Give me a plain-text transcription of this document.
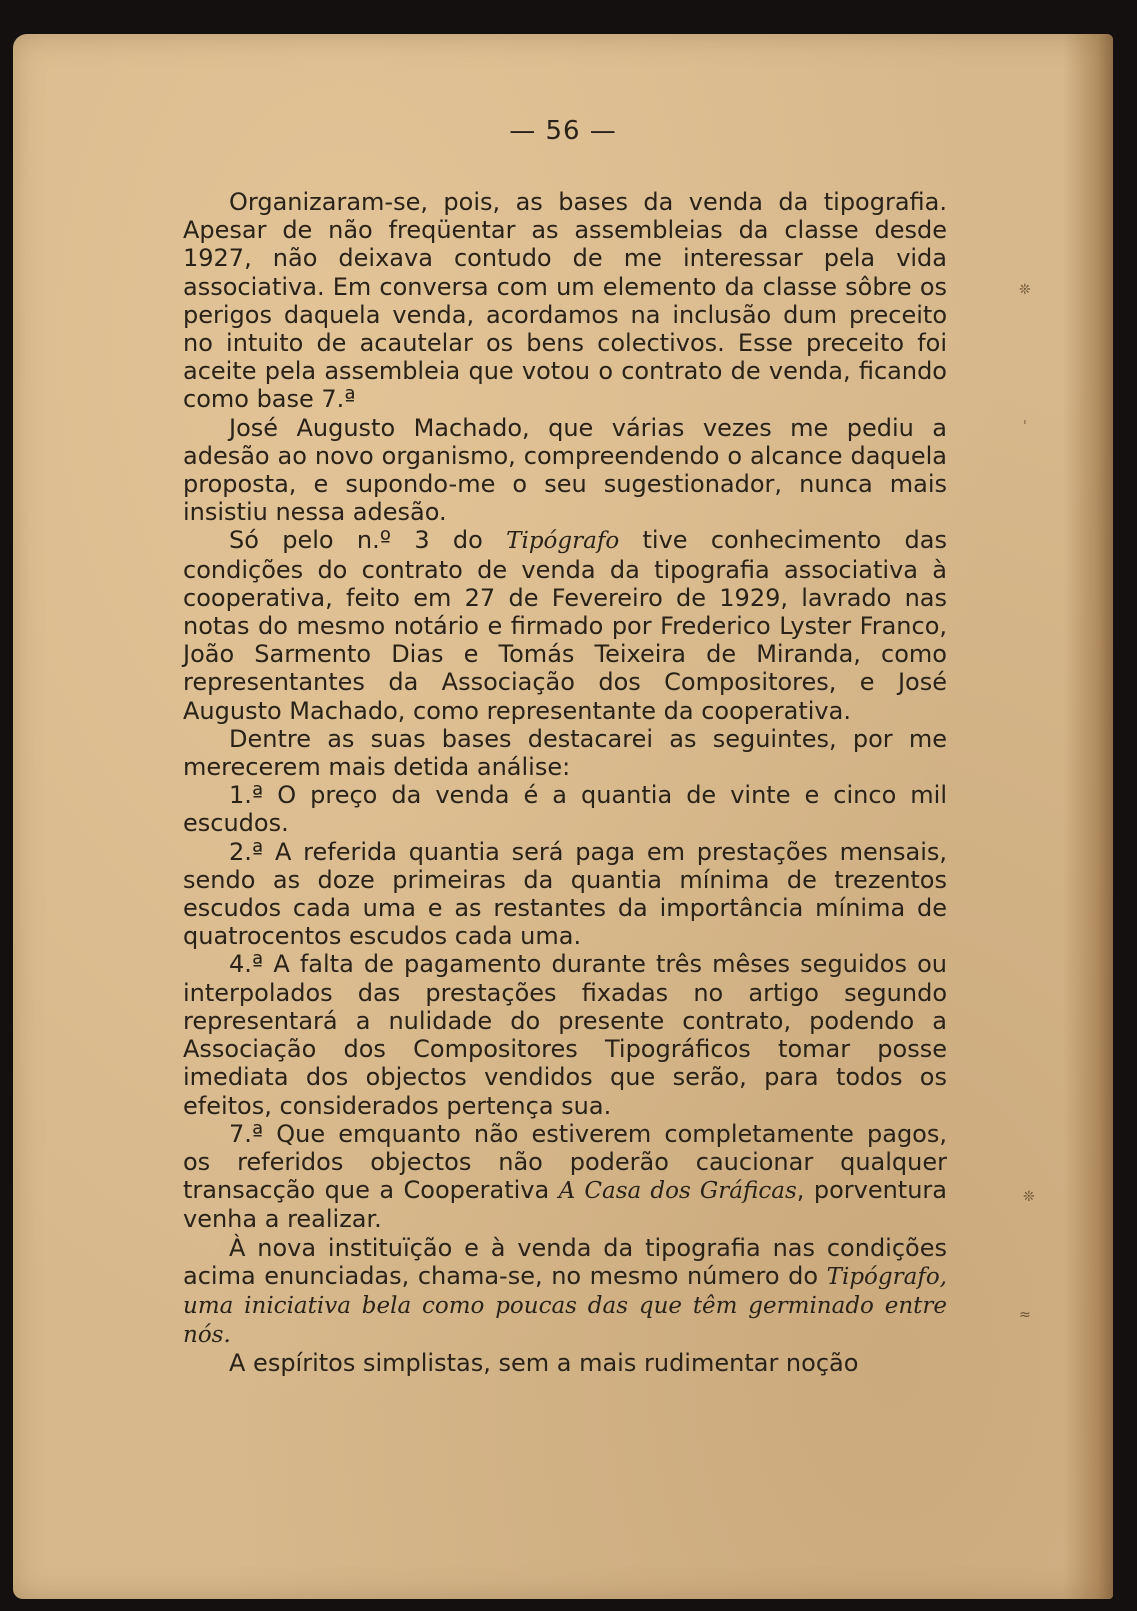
— 56 —

Organizaram-se, pois, as bases da venda da tipografia. Apesar de não freqüentar as assembleias da classe desde 1927, não deixava contudo de me interessar pela vida associativa. Em conversa com um elemento da classe sôbre os perigos daquela venda, acordamos na inclusão dum preceito no intuito de acautelar os bens colectivos. Esse preceito foi aceite pela assembleia que votou o contrato de venda, ficando como base 7.ª

José Augusto Machado, que várias vezes me pediu a adesão ao novo organismo, compreendendo o alcance daquela proposta, e supondo-me o seu sugestionador, nunca mais insistiu nessa adesão.

Só pelo n.º 3 do Tipógrafo tive conhecimento das condições do contrato de venda da tipografia associativa à cooperativa, feito em 27 de Fevereiro de 1929, lavrado nas notas do mesmo notário e firmado por Frederico Lyster Franco, João Sarmento Dias e Tomás Teixeira de Miranda, como representantes da Associação dos Compositores, e José Augusto Machado, como representante da cooperativa.

Dentre as suas bases destacarei as seguintes, por me merecerem mais detida análise:

1.ª O preço da venda é a quantia de vinte e cinco mil escudos.

2.ª A referida quantia será paga em prestações mensais, sendo as doze primeiras da quantia mínima de trezentos escudos cada uma e as restantes da importância mínima de quatrocentos escudos cada uma.

4.ª A falta de pagamento durante três mêses seguidos ou interpolados das prestações fixadas no artigo segundo representará a nulidade do presente contrato, podendo a Associação dos Compositores Tipográficos tomar posse imediata dos objectos vendidos que serão, para todos os efeitos, considerados pertença sua.

7.ª Que emquanto não estiverem completamente pagos, os referidos objectos não poderão caucionar qualquer transacção que a Cooperativa A Casa dos Gráficas, porventura venha a realizar.

À nova instituïção e à venda da tipografia nas condições acima enunciadas, chama-se, no mesmo número do Tipógrafo, uma iniciativa bela como poucas das que têm germinado entre nós.

A espíritos simplistas, sem a mais rudimentar noção

❊
ˈ
❊
≈
